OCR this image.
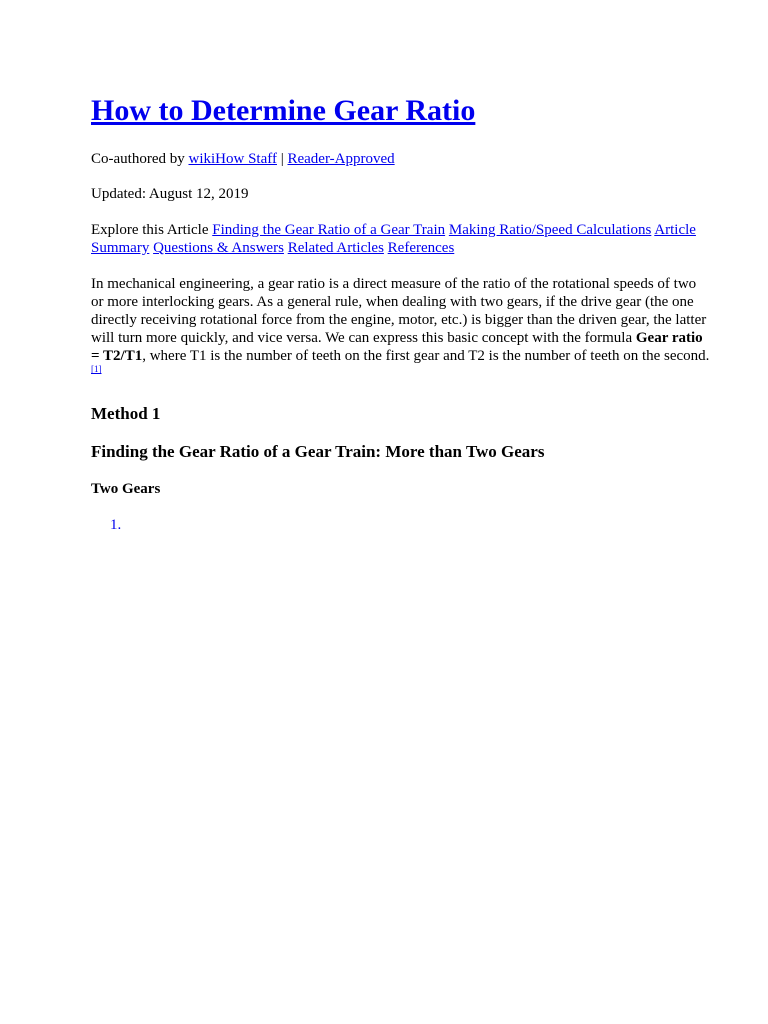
How to Determine Gear Ratio

Co-authored by wikiHow Staff | Reader-Approved

Updated: August 12, 2019

Explore this Article Finding the Gear Ratio of a Gear Train Making Ratio/Speed Calculations Article Summary Questions & Answers Related Articles References

In mechanical engineering, a gear ratio is a direct measure of the ratio of the rotational speeds of two or more interlocking gears. As a general rule, when dealing with two gears, if the drive gear (the one directly receiving rotational force from the engine, motor, etc.) is bigger than the driven gear, the latter will turn more quickly, and vice versa. We can express this basic concept with the formula Gear ratio = T2/T1, where T1 is the number of teeth on the first gear and T2 is the number of teeth on the second.[1]

Method 1
Finding the Gear Ratio of a Gear Train: More than Two Gears
Two Gears
1.
